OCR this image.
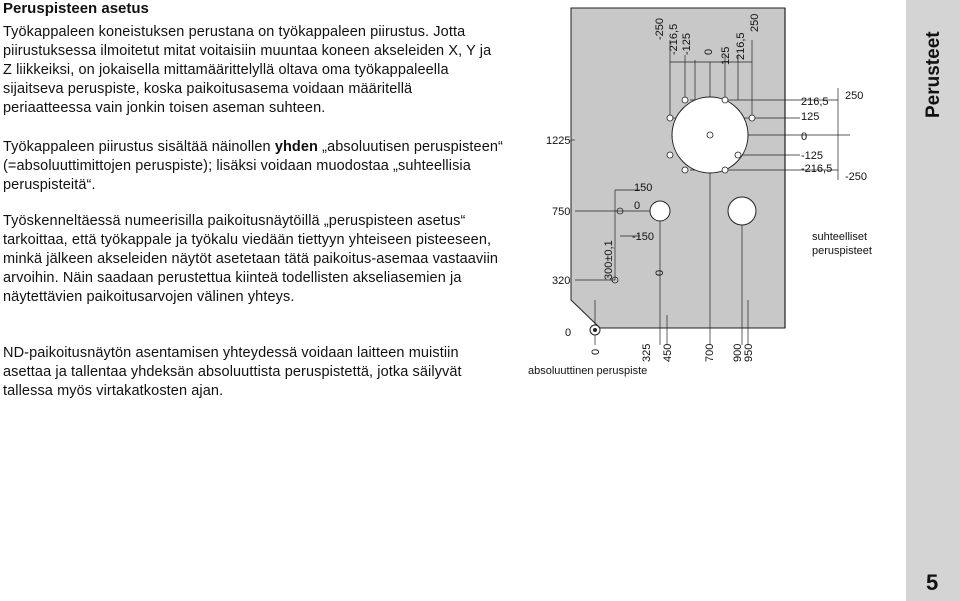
Peruspisteen asetus

Työkappaleen koneistuksen perustana on työkappaleen piirustus. Jotta piirustuksessa ilmoitetut mitat voitaisiin muuntaa koneen akseleiden X, Y ja Z liikkeiksi, on jokaisella mittamäärittelyllä oltava oma työkappaleella sijaitseva peruspiste, koska paikoitusasema voidaan määritellä periaatteessa vain jonkin toisen aseman suhteen.

Työkappaleen piirustus sisältää näinollen yhden „absoluutisen peruspisteen“ (=absoluuttimittojen peruspiste); lisäksi voidaan muodostaa „suhteellisia peruspisteitä“.

Työskenneltäessä numeerisilla paikoitusnäytöillä „peruspisteen asetus“ tarkoittaa, että työkappale ja työkalu viedään tiettyyn yhteiseen pisteeseen, minkä jälkeen akseleiden näytöt asetetaan tätä paikoitus-asemaa vastaaviin arvoihin. Näin saadaan perustettua kiinteä todellisten akseliasemien ja näytettävien paikoitusarvojen välinen yhteys.

ND-paikoitusnäytön asentamisen yhteydessä voidaan laitteen muistiin asettaa ja tallentaa yhdeksän absoluuttista peruspistettä, jotka säilyvät tallessa myös virtakatkosten ajan.

Perusteet
5
-250 -216,5 -125 0 125 216,5
250
1225
750
320
0
0	325 450	700 900 950
absoluuttinen peruspiste
216,5
125
250
0
-125
-216,5
-250
suhteelliset
peruspisteet
150
0
-150
0
300±0,1
